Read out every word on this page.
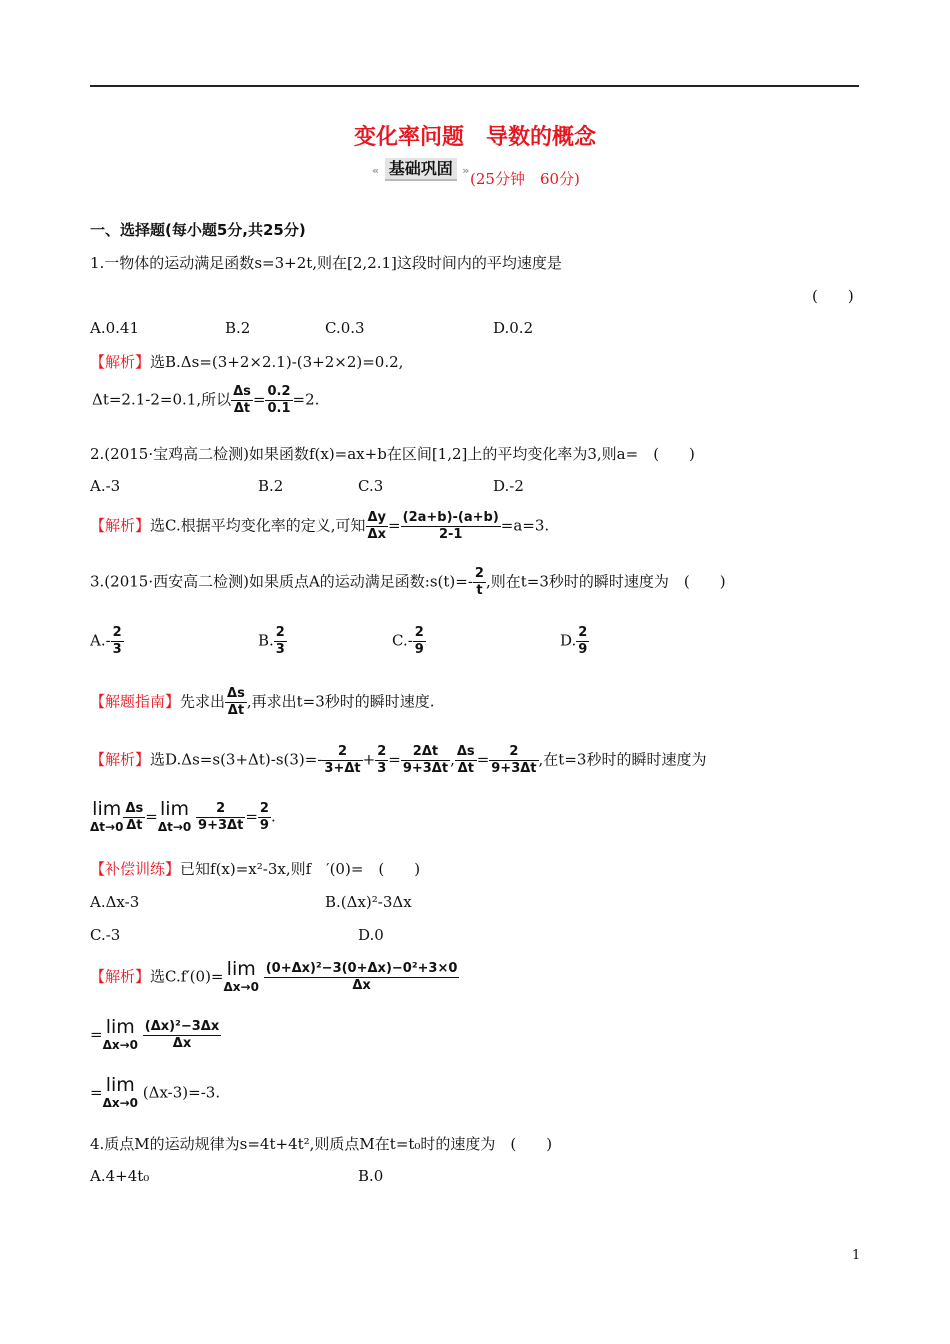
变化率问题　导数的概念
« 基础巩固 » (25分钟　60分)
一、选择题(每小题5分,共25分)
1.一物体的运动满足函数s=3+2t,则在[2,2.1]这段时间内的平均速度是
(　　)
A.0.41	B.2	C.0.3	D.0.2
【解析】选B.Δs=(3+2×2.1)-(3+2×2)=0.2,
Δt=2.1-2=0.1,所以 $\frac{\Delta s}{\Delta t} = \frac{0.2}{0.1} =2$.
2.(2015·宝鸡高二检测)如果函数f(x)=ax+b在区间[1,2]上的平均变化率为3,则a=　(　　)
A.-3	B.2	C.3	D.-2
【解析】选C.根据平均变化率的定义,可知 $\frac{\Delta y}{\Delta x} = \frac{(2a+b)-(a+b)}{2-1} =a=3$.
3.(2015·西安高二检测)如果质点A的运动满足函数:s(t)=- $\frac{2}{t}$ ,则在t=3秒时的瞬时速度为　(　　)
$A.- \frac{2}{3}$	B. $\frac{2}{3}$	$C.- \frac{2}{9}$	D. $\frac{2}{9}$
【解题指南】先求出 $\frac{\Delta s}{\Delta t}$ ,再求出t=3秒时的瞬时速度.
【解析】选$D.\Delta s=s(3+\Delta t)-s(3)=- \frac{2}{3+\Delta t} + \frac{2}{3} = \frac{2\Delta t}{9+3\Delta t}$ , $\frac{\Delta s}{\Delta t} = \frac{2}{9+3\Delta t}$ ,在t=3秒时的瞬时速度为
lim
$\Delta t\to 0 \frac{\Delta s}{\Delta t} = \lim$
Δt→0
$\frac{2}{9+3\Delta t} = \frac{2}{9}$ .
【补偿训练】已知f(x)=x²-3x,则f　′(0)=　(　　)
A.Δx-3	B.(Δx)²-3Δx
C.-3	D.0
【解析】选C.f′(0)= lim
Δx→0
$\frac{\text{(0+Δx)²−3(0+Δx)−0²+3×0}}{\Delta x}$
= lim
Δx→0
$\frac{\text{(Δx)²−3Δx}}{\Delta x}$
= lim
Δx→0
(Δx-3)=-3.
4.质点M的运动规律为s=4t+4t²,则质点M在t=t₀时的速度为　(　　)
A.4+4t₀	B.0
1
